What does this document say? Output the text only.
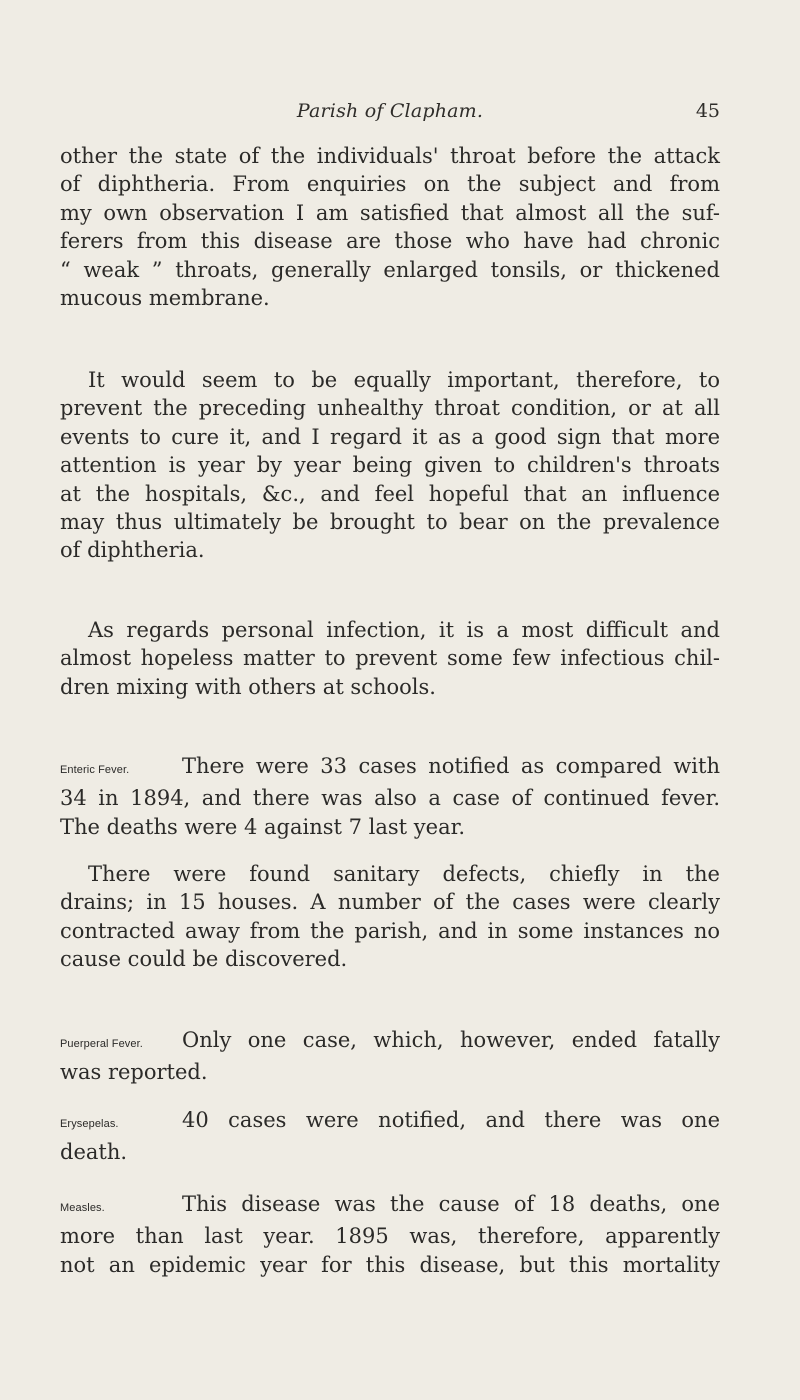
Parish of Clapham.	45
other the state of the individuals' throat before the attack
of diphtheria. From enquiries on the subject and from
my own observation I am satisfied that almost all the suf-
ferers from this disease are those who have had chronic
“ weak ” throats, generally enlarged tonsils, or thickened
mucous membrane.
It would seem to be equally important, therefore, to
prevent the preceding unhealthy throat condition, or at all
events to cure it, and I regard it as a good sign that more
attention is year by year being given to children's throats
at the hospitals, &c., and feel hopeful that an influence
may thus ultimately be brought to bear on the prevalence
of diphtheria.
As regards personal infection, it is a most difficult and
almost hopeless matter to prevent some few infectious chil-
dren mixing with others at schools.
Enteric Fever.	There were 33 cases notified as compared with
34 in 1894, and there was also a case of continued fever.
The deaths were 4 against 7 last year.
There were found sanitary defects, chiefly in the
drains; in 15 houses. A number of the cases were clearly
contracted away from the parish, and in some instances no
cause could be discovered.
Puerperal Fever.	Only one case, which, however, ended fatally
was reported.
Erysepelas.	40 cases were notified, and there was one
death.
Measles.	This disease was the cause of 18 deaths, one
more than last year. 1895 was, therefore, apparently
not an epidemic year for this disease, but this mortality
